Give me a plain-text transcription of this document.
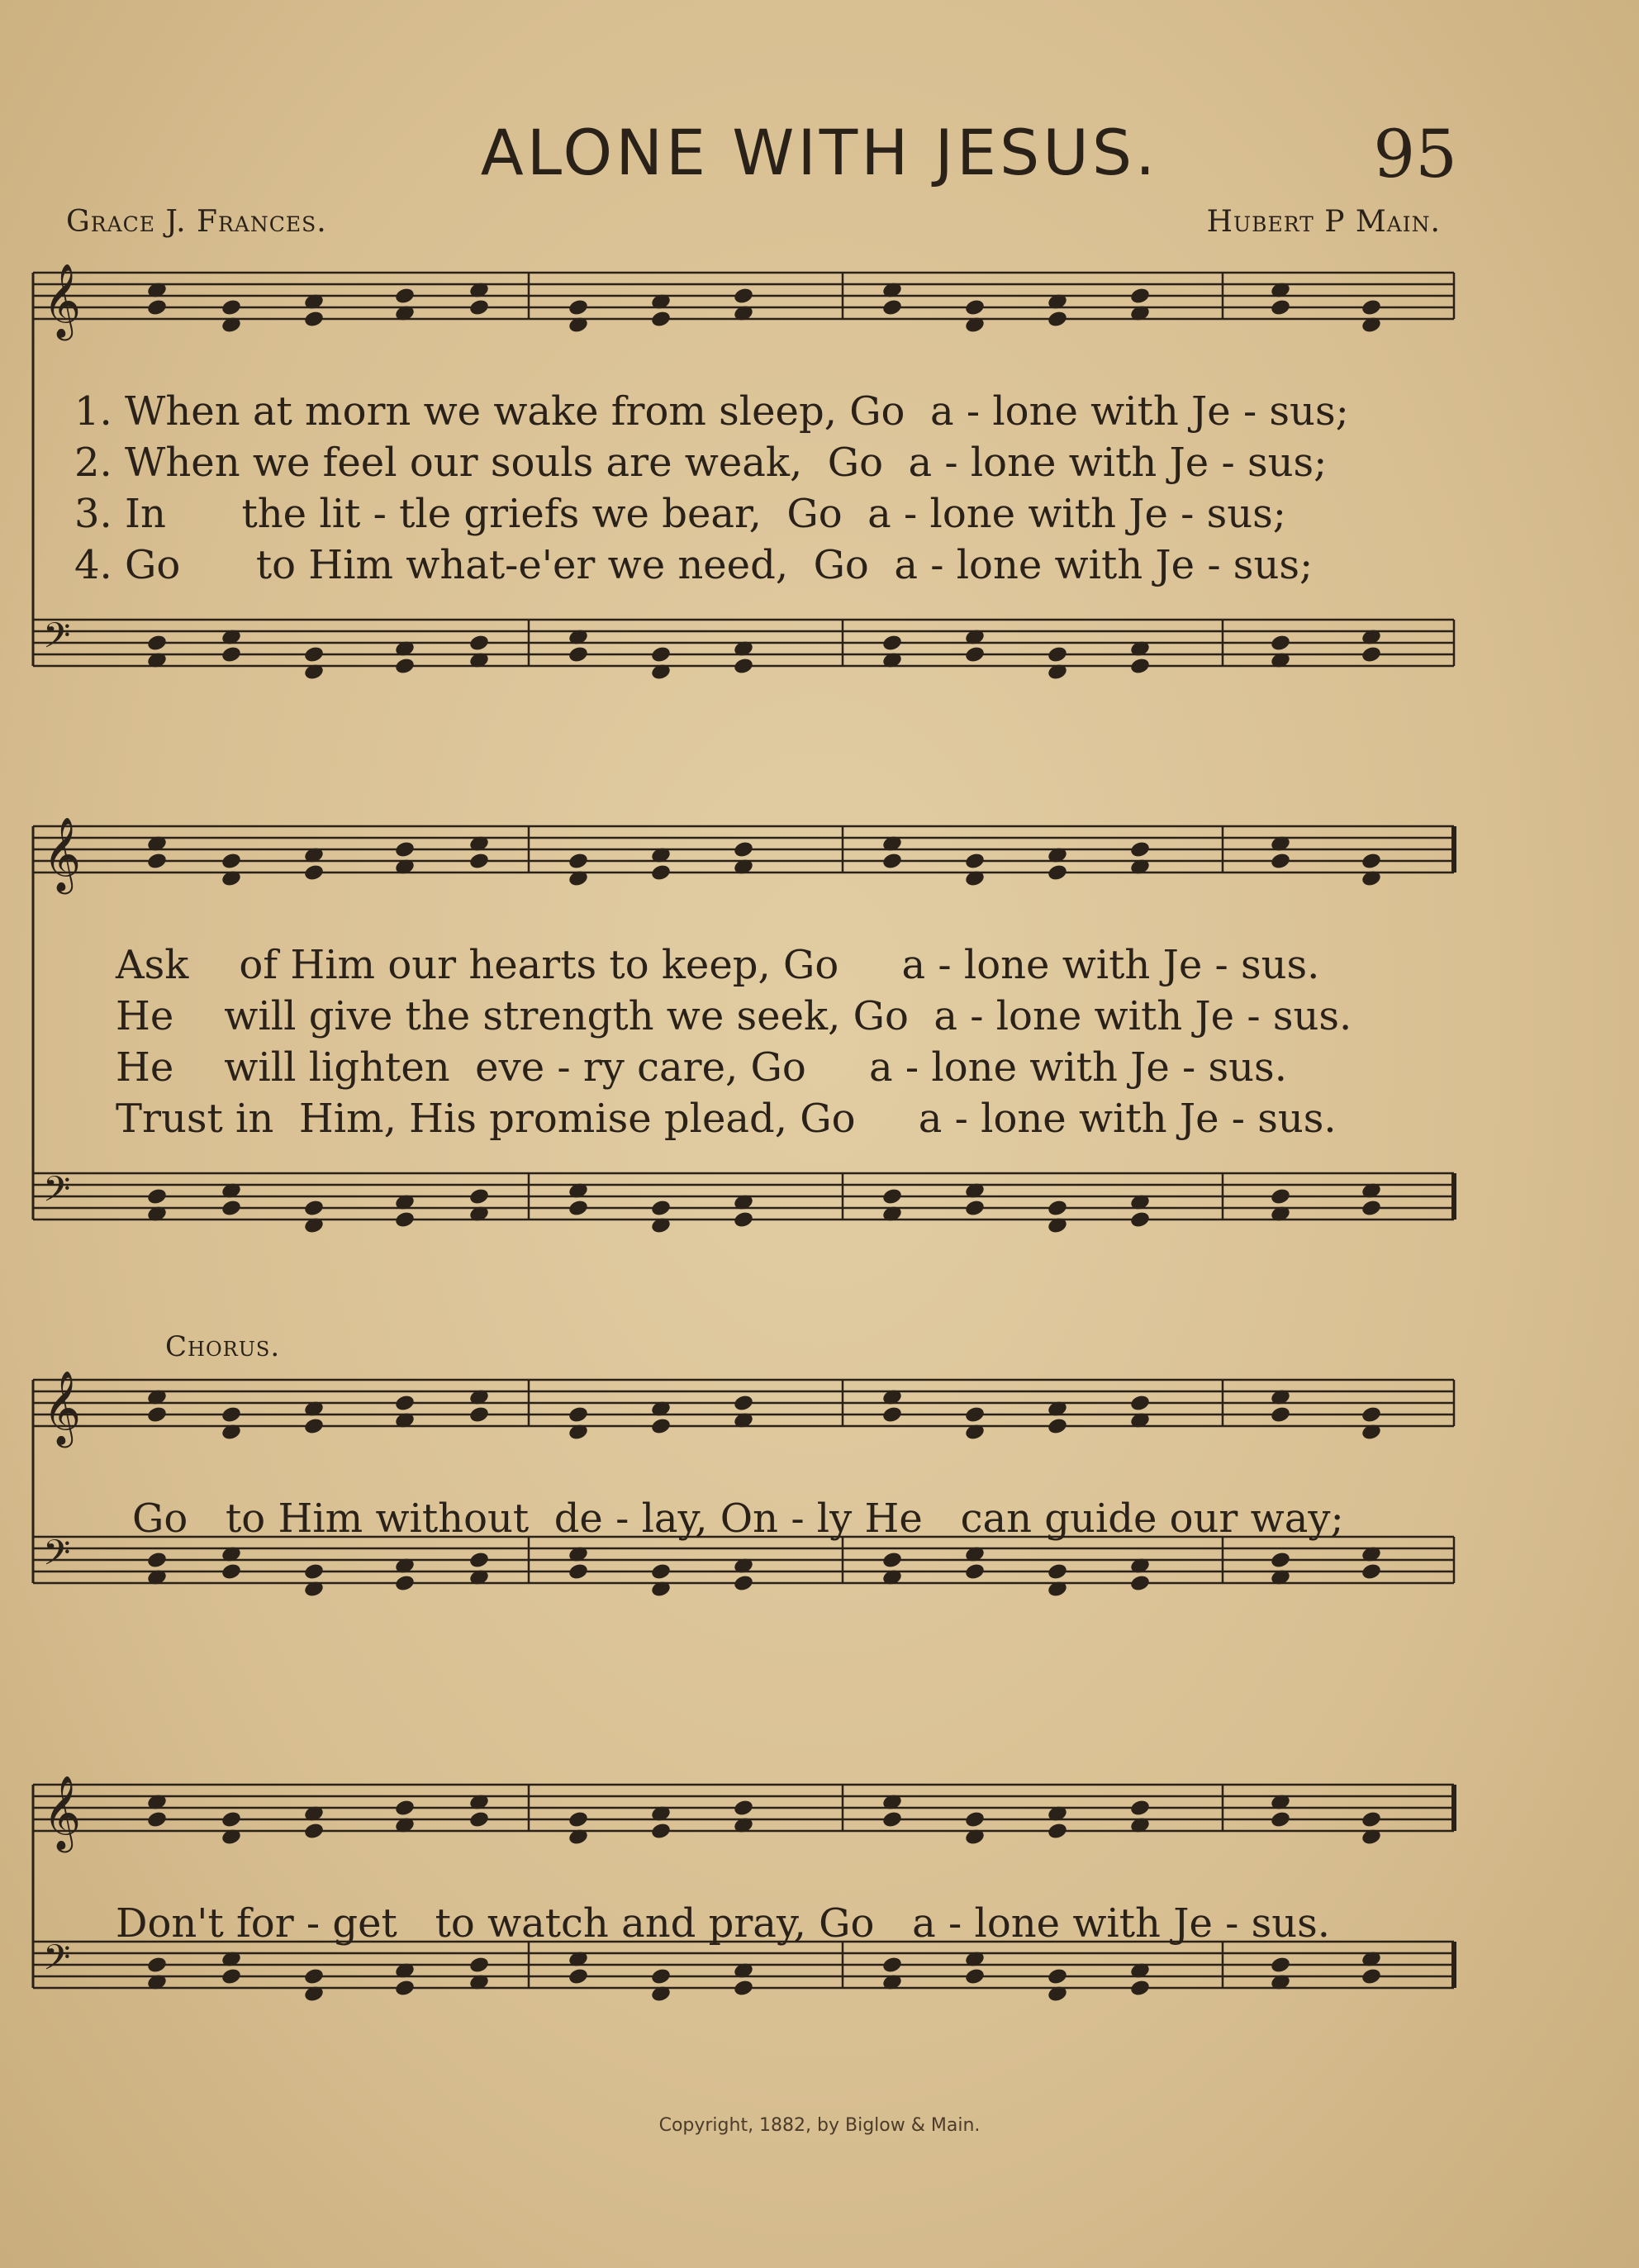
ALONE WITH JESUS.	95
Grace J. Frances.	Hubert P Main.
𝄞
𝄢
1. When at morn we wake from sleep, Go  a - lone with Je - sus;
2. When we feel our souls are weak,  Go  a - lone with Je - sus;
3. In      the lit - tle griefs we bear,  Go  a - lone with Je - sus;
4. Go      to Him what-e'er we need,  Go  a - lone with Je - sus;
𝄞
𝄢
Ask    of Him our hearts to keep, Go     a - lone with Je - sus.
He    will give the strength we seek, Go  a - lone with Je - sus.
He    will lighten  eve - ry care, Go     a - lone with Je - sus.
Trust in  Him, His promise plead, Go     a - lone with Je - sus.
Chorus.
𝄞
𝄢
Go   to Him without  de - lay, On - ly He   can guide our way;
𝄞
𝄢
Don't for - get   to watch and pray, Go   a - lone with Je - sus.
Copyright, 1882, by Biglow & Main.
